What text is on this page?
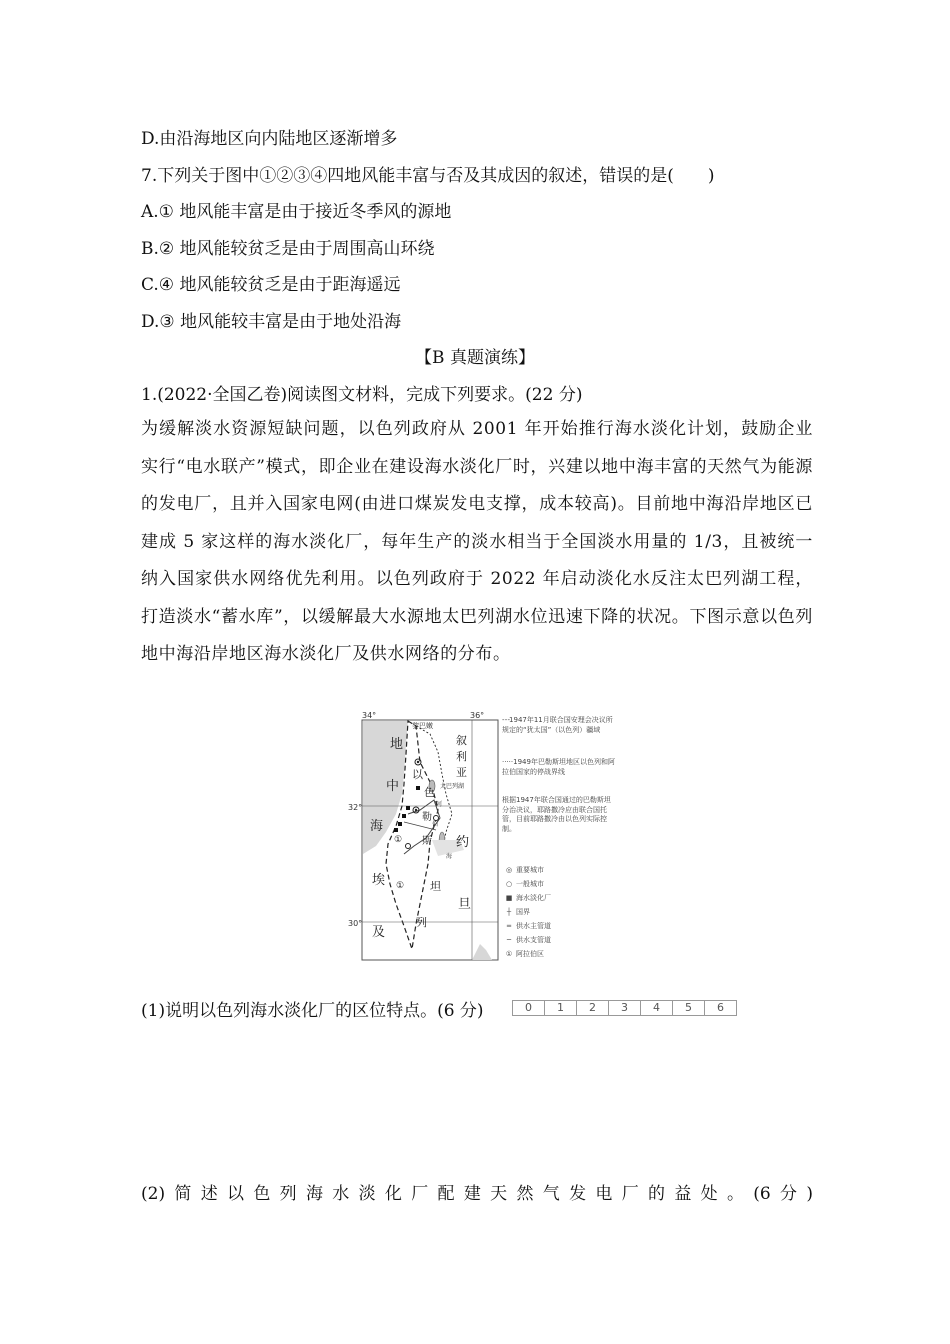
D.由沿海地区向内陆地区逐渐增多
7.下列关于图中①②③④四地风能丰富与否及其成因的叙述，错误的是(　　)
A.① 地风能丰富是由于接近冬季风的源地
B.② 地风能较贫乏是由于周围高山环绕
C.④ 地风能较贫乏是由于距海遥远
D.③ 地风能较丰富是由于地处沿海
【B 真题演练】
1.(2022·全国乙卷)阅读图文材料，完成下列要求。(22 分)
为缓解淡水资源短缺问题，以色列政府从 2001 年开始推行海水淡化计划，鼓励企业实行“电水联产”模式，即企业在建设海水淡化厂时，兴建以地中海丰富的天然气为能源的发电厂，且并入国家电网(由进口煤炭发电支撑，成本较高)。目前地中海沿岸地区已建成 5 家这样的海水淡化厂，每年生产的淡水相当于全国淡水用量的 1/3，且被统一纳入国家供水网络优先利用。以色列政府于 2022 年启动淡化水反注太巴列湖工程，打造淡水“蓄水库”，以缓解最大水源地太巴列湖水位迅速下降的状况。下图示意以色列地中海沿岸地区海水淡化厂及供水网络的分布。
34°	36°
32°
30°
黎巴嫩
地
中
海
埃
及
叙
利
亚
约
旦
以
色
列
勒
斯
坦
太巴列湖
阿
伯
海
①
①
- - -1947年11月联合国安理会决议所规定的“犹太国”（以色列）疆域
·····1949年巴勒斯坦地区以色列和阿拉伯国家的停战界线
根据1947年联合国通过的巴勒斯坦分治决议，耶路撒冷应由联合国托管，目前耶路撒冷由以色列实际控制。
◎ 重要城市
○ 一般城市
■ 海水淡化厂
┼ 国界
═ 供水主管道
─ 供水支管道
① 阿拉伯区
(1)说明以色列海水淡化厂的区位特点。(6 分)	0	1	2	3	4	5	6
(2) 简 述 以 色 列 海 水 淡 化 厂 配 建 天 然 气 发 电 厂 的 益 处 。 (6 分 )
